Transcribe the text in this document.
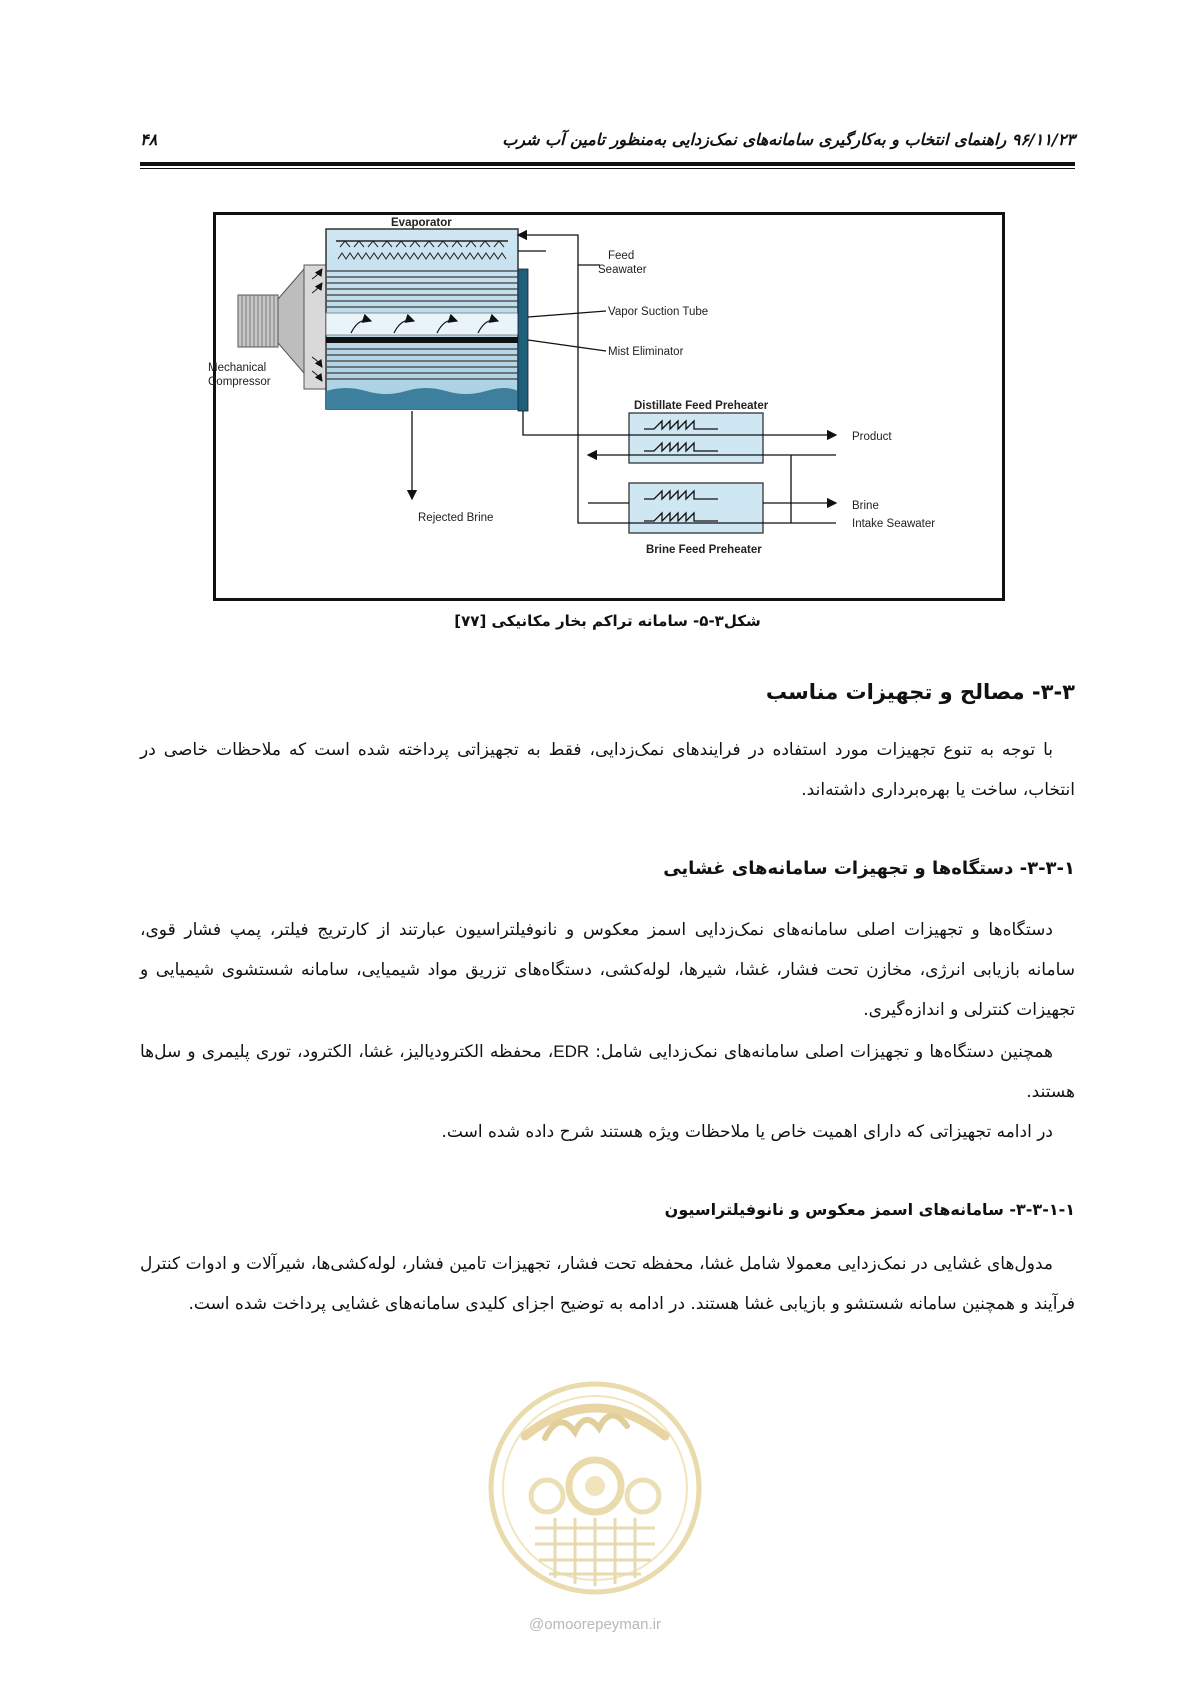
۹۶/۱۱/۲۳ راهنمای انتخاب و به‌کارگیری سامانه‌های نمک‌زدایی به‌منظور تامین آب شرب
۴۸
Evaporator
Feed
Seawater
Vapor Suction Tube
Mist Eliminator
Mechanical
Compressor
Distillate Feed Preheater
Product
Brine
Intake Seawater
Rejected Brine
Brine Feed Preheater
شکل۳-۵- سامانه تراکم بخار مکانیکی [۷۷]
۳-۳- مصالح و تجهیزات مناسب
با توجه به تنوع تجهیزات مورد استفاده در فرایندهای نمک‌زدایی، فقط به تجهیزاتی پرداخته شده است که ملاحظات خاصی در انتخاب، ساخت یا بهره‌برداری داشته‌اند.
۳-۳-۱- دستگاه‌ها و تجهیزات سامانه‌های غشایی
دستگاه‌ها و تجهیزات اصلی سامانه‌های نمک‌زدایی اسمز معکوس و نانوفیلتراسیون عبارتند از کارتریج فیلتر، پمپ فشار قوی، سامانه بازیابی انرژی، مخازن تحت فشار، غشا، شیرها، لوله‌کشی، دستگاه‌های تزریق مواد شیمیایی، سامانه شستشوی شیمیایی و تجهیزات کنترلی و اندازه‌گیری.
همچنین دستگاه‌ها و تجهیزات اصلی سامانه‌های نمک‌زدایی شامل: EDR، محفظه الکترودیالیز، غشا، الکترود، توری پلیمری و سل‌ها هستند.
در ادامه تجهیزاتی که دارای اهمیت خاص یا ملاحظات ویژه هستند شرح داده شده است.
۳-۳-۱-۱- سامانه‌های اسمز معکوس و نانوفیلتراسیون
مدول‌های غشایی در نمک‌زدایی معمولا شامل غشا، محفظه تحت فشار، تجهیزات تامین فشار، لوله‌کشی‌ها، شیرآلات و ادوات کنترل فرآیند و همچنین سامانه شستشو و بازیابی غشا هستند. در ادامه به توضیح اجزای کلیدی سامانه‌های غشایی پرداخت شده است.
@omoorepeyman.ir
